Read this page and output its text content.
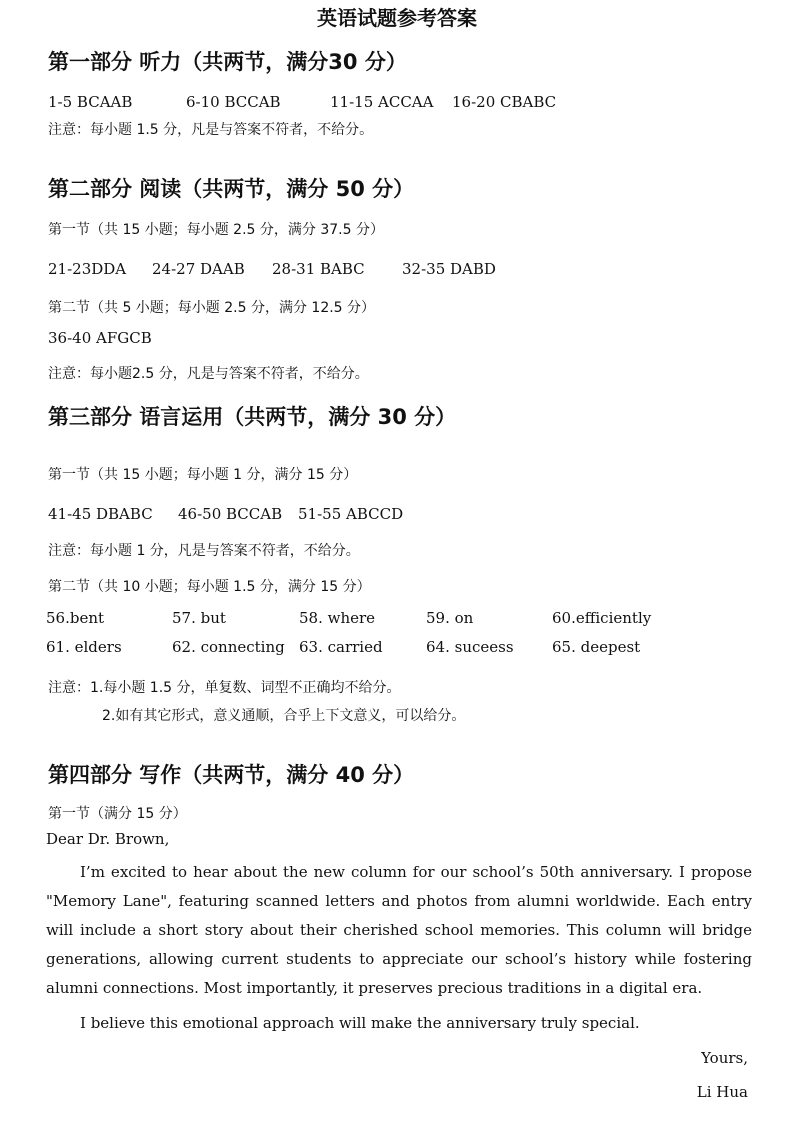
英语试题参考答案
第一部分 听力（共两节，满分30 分）
1-5 BCAAB	6-10 BCCAB	11-15 ACCAA 16-20 CBABC
注意：每小题 1.5 分，凡是与答案不符者，不给分。
第二部分 阅读（共两节，满分 50 分）
第一节（共 15 小题；每小题 2.5 分，满分 37.5 分）
21-23DDA 24-27 DAAB 28-31 BABC 32-35 DABD
第二节（共 5 小题；每小题 2.5 分，满分 12.5 分）
36-40 AFGCB
注意：每小题2.5 分，凡是与答案不符者，不给分。
第三部分 语言运用（共两节，满分 30 分）
第一节（共 15 小题；每小题 1 分，满分 15 分）
41-45 DBABC 46-50 BCCAB 51-55 ABCCD
注意：每小题 1 分，凡是与答案不符者，不给分。
第二节（共 10 小题；每小题 1.5 分，满分 15 分）
56.bent	57. but	58. where	59. on	60.efficiently
61. elders	62. connecting 63. carried	64. suceess	65. deepest
注意：1.每小题 1.5 分，单复数、词型不正确均不给分。
2.如有其它形式，意义通顺，合乎上下文意义，可以给分。
第四部分 写作（共两节，满分 40 分）
第一节（满分 15 分）
Dear Dr. Brown,
I’m excited to hear about the new column for our school’s 50th anniversary. I propose "Memory Lane", featuring scanned letters and photos from alumni worldwide. Each entry will include a short story about their cherished school memories. This column will bridge generations, allowing current students to appreciate our school’s history while fostering alumni connections. Most importantly, it preserves precious traditions in a digital era.
I believe this emotional approach will make the anniversary truly special.
Yours,
Li Hua
